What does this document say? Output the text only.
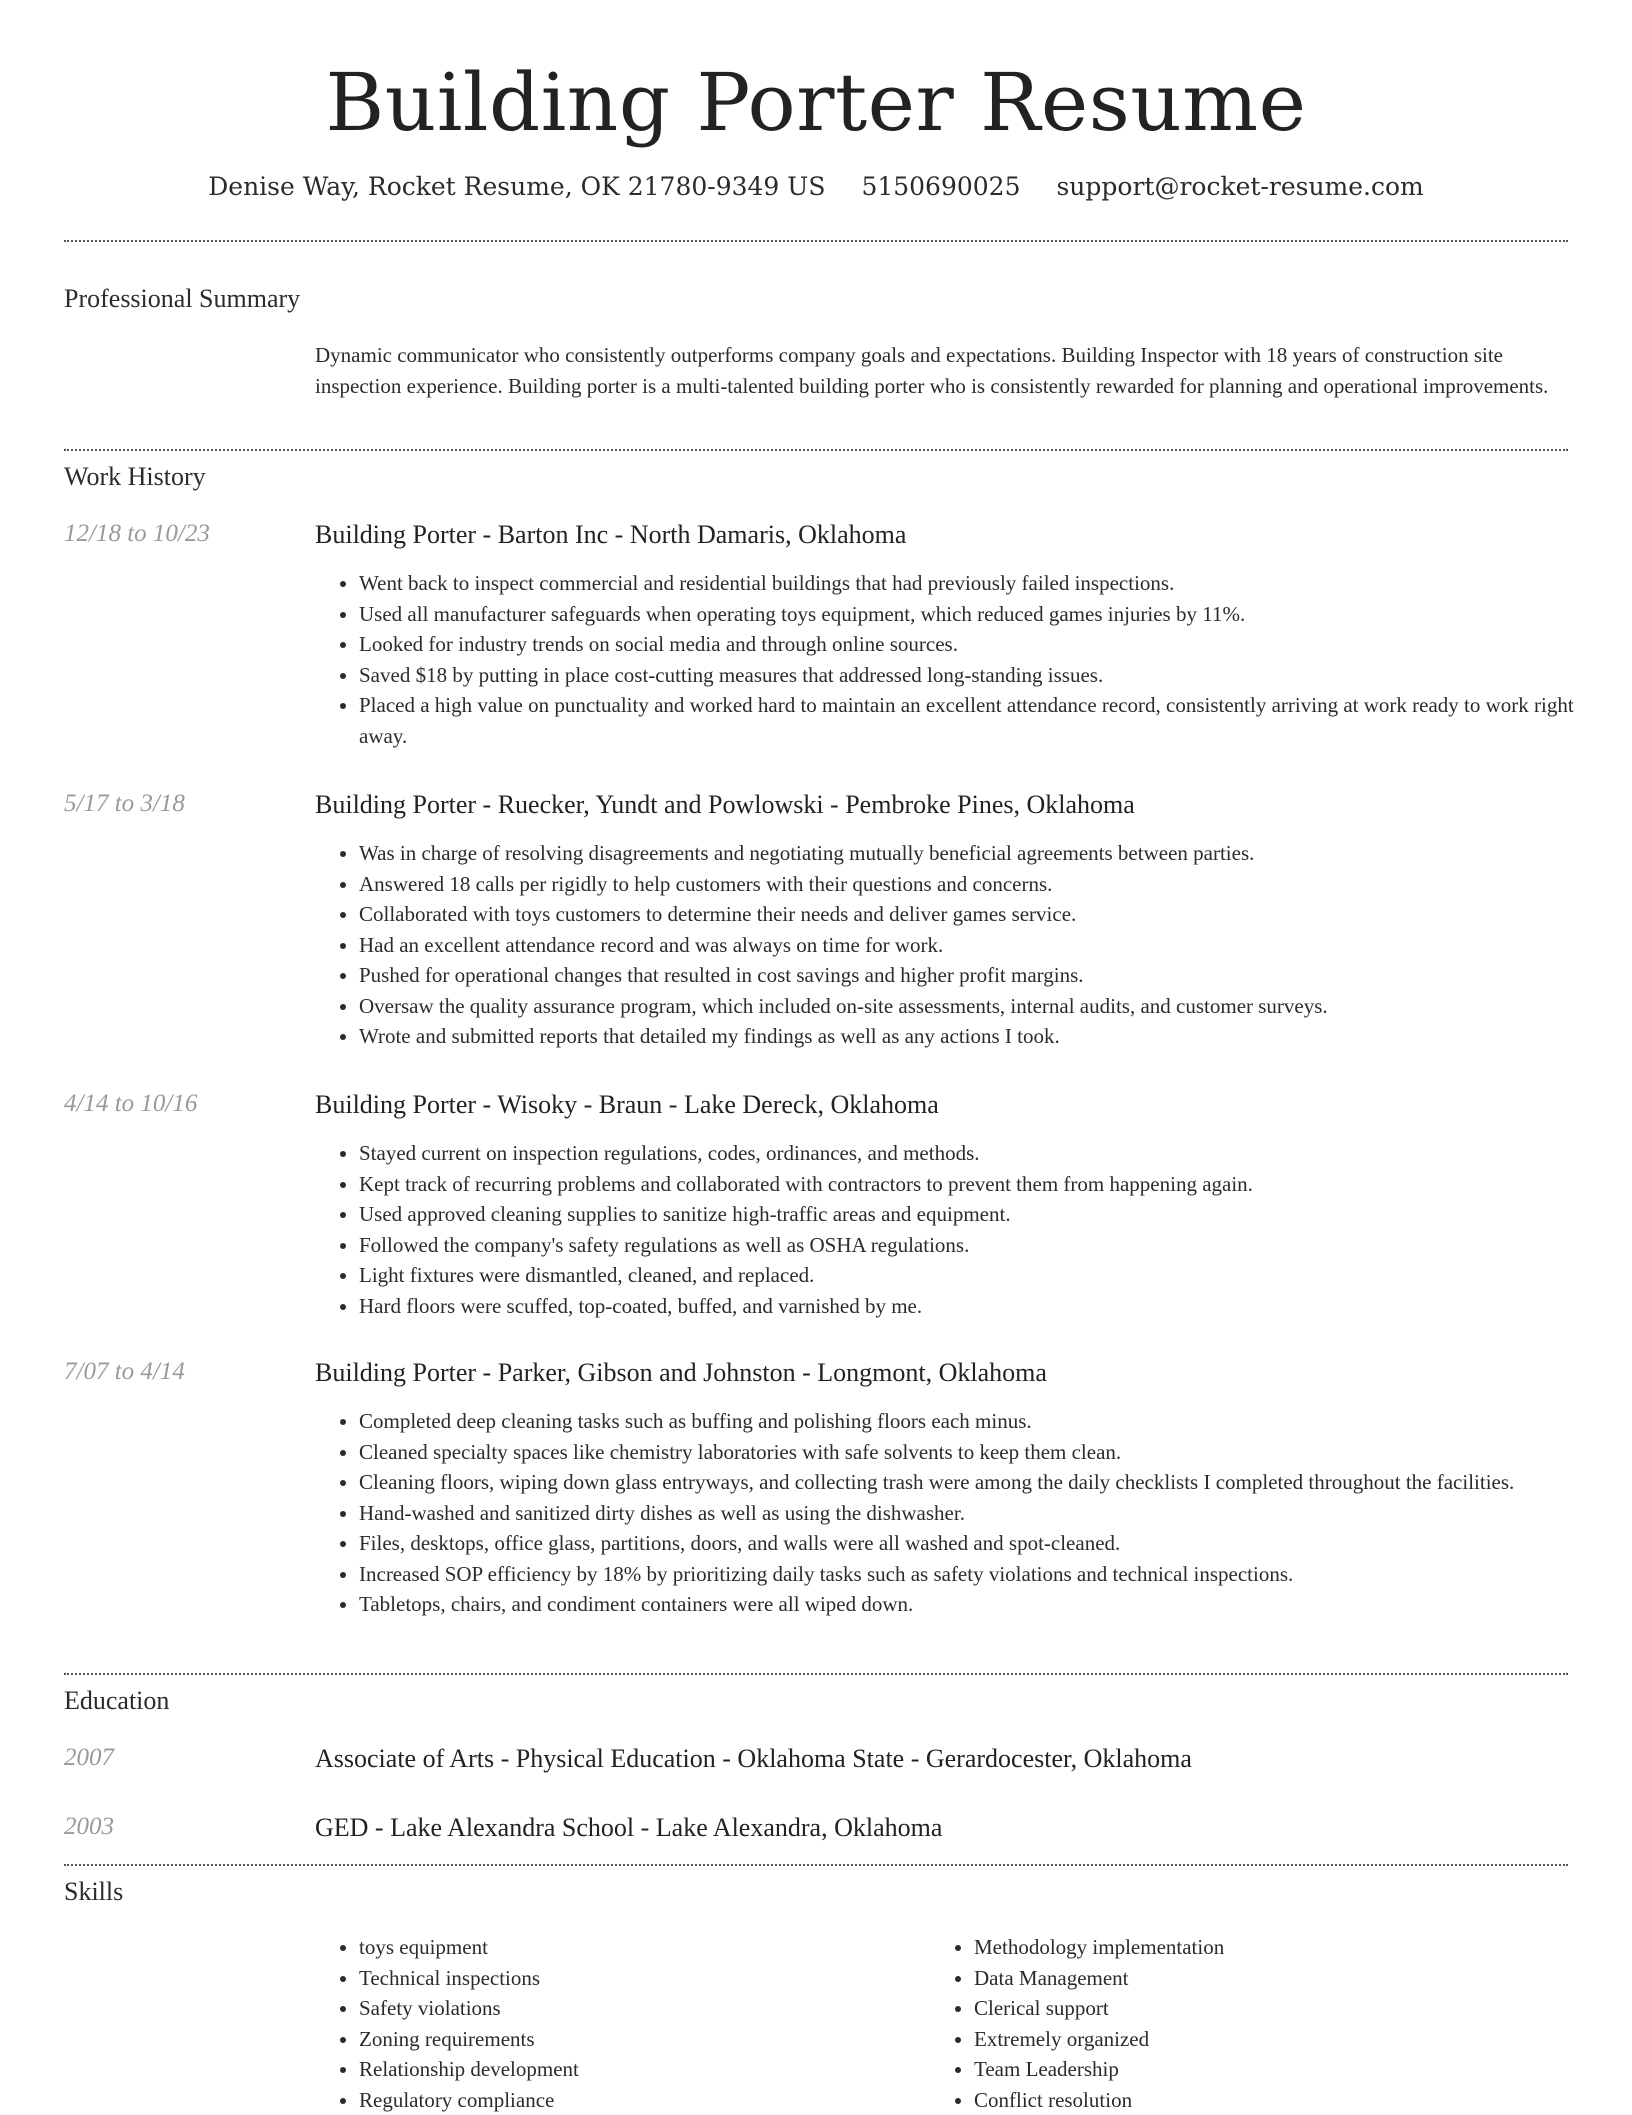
Building Porter Resume
Denise Way, Rocket Resume, OK 21780-9349 US 5150690025 support@rocket-resume.com
Professional Summary
Dynamic communicator who consistently outperforms company goals and expectations. Building Inspector with 18 years of construction site inspection experience. Building porter is a multi-talented building porter who is consistently rewarded for planning and operational improvements.
Work History
12/18 to 10/23	Building Porter - Barton Inc - North Damaris, Oklahoma
• Went back to inspect commercial and residential buildings that had previously failed inspections.
• Used all manufacturer safeguards when operating toys equipment, which reduced games injuries by 11%.
• Looked for industry trends on social media and through online sources.
• Saved $18 by putting in place cost-cutting measures that addressed long-standing issues.
• Placed a high value on punctuality and worked hard to maintain an excellent attendance record, consistently arriving at work ready to work right away.
5/17 to 3/18	Building Porter - Ruecker, Yundt and Powlowski - Pembroke Pines, Oklahoma
• Was in charge of resolving disagreements and negotiating mutually beneficial agreements between parties.
• Answered 18 calls per rigidly to help customers with their questions and concerns.
• Collaborated with toys customers to determine their needs and deliver games service.
• Had an excellent attendance record and was always on time for work.
• Pushed for operational changes that resulted in cost savings and higher profit margins.
• Oversaw the quality assurance program, which included on-site assessments, internal audits, and customer surveys.
• Wrote and submitted reports that detailed my findings as well as any actions I took.
4/14 to 10/16	Building Porter - Wisoky - Braun - Lake Dereck, Oklahoma
• Stayed current on inspection regulations, codes, ordinances, and methods.
• Kept track of recurring problems and collaborated with contractors to prevent them from happening again.
• Used approved cleaning supplies to sanitize high-traffic areas and equipment.
• Followed the company's safety regulations as well as OSHA regulations.
• Light fixtures were dismantled, cleaned, and replaced.
• Hard floors were scuffed, top-coated, buffed, and varnished by me.
7/07 to 4/14	Building Porter - Parker, Gibson and Johnston - Longmont, Oklahoma
• Completed deep cleaning tasks such as buffing and polishing floors each minus.
• Cleaned specialty spaces like chemistry laboratories with safe solvents to keep them clean.
• Cleaning floors, wiping down glass entryways, and collecting trash were among the daily checklists I completed throughout the facilities.
• Hand-washed and sanitized dirty dishes as well as using the dishwasher.
• Files, desktops, office glass, partitions, doors, and walls were all washed and spot-cleaned.
• Increased SOP efficiency by 18% by prioritizing daily tasks such as safety violations and technical inspections.
• Tabletops, chairs, and condiment containers were all wiped down.
Education
2007	Associate of Arts - Physical Education - Oklahoma State - Gerardocester, Oklahoma
2003	GED - Lake Alexandra School - Lake Alexandra, Oklahoma
Skills
• toys equipment
• Technical inspections
• Safety violations
• Zoning requirements
• Relationship development
• Regulatory compliance
• Methodology implementation
• Data Management
• Clerical support
• Extremely organized
• Team Leadership
• Conflict resolution
